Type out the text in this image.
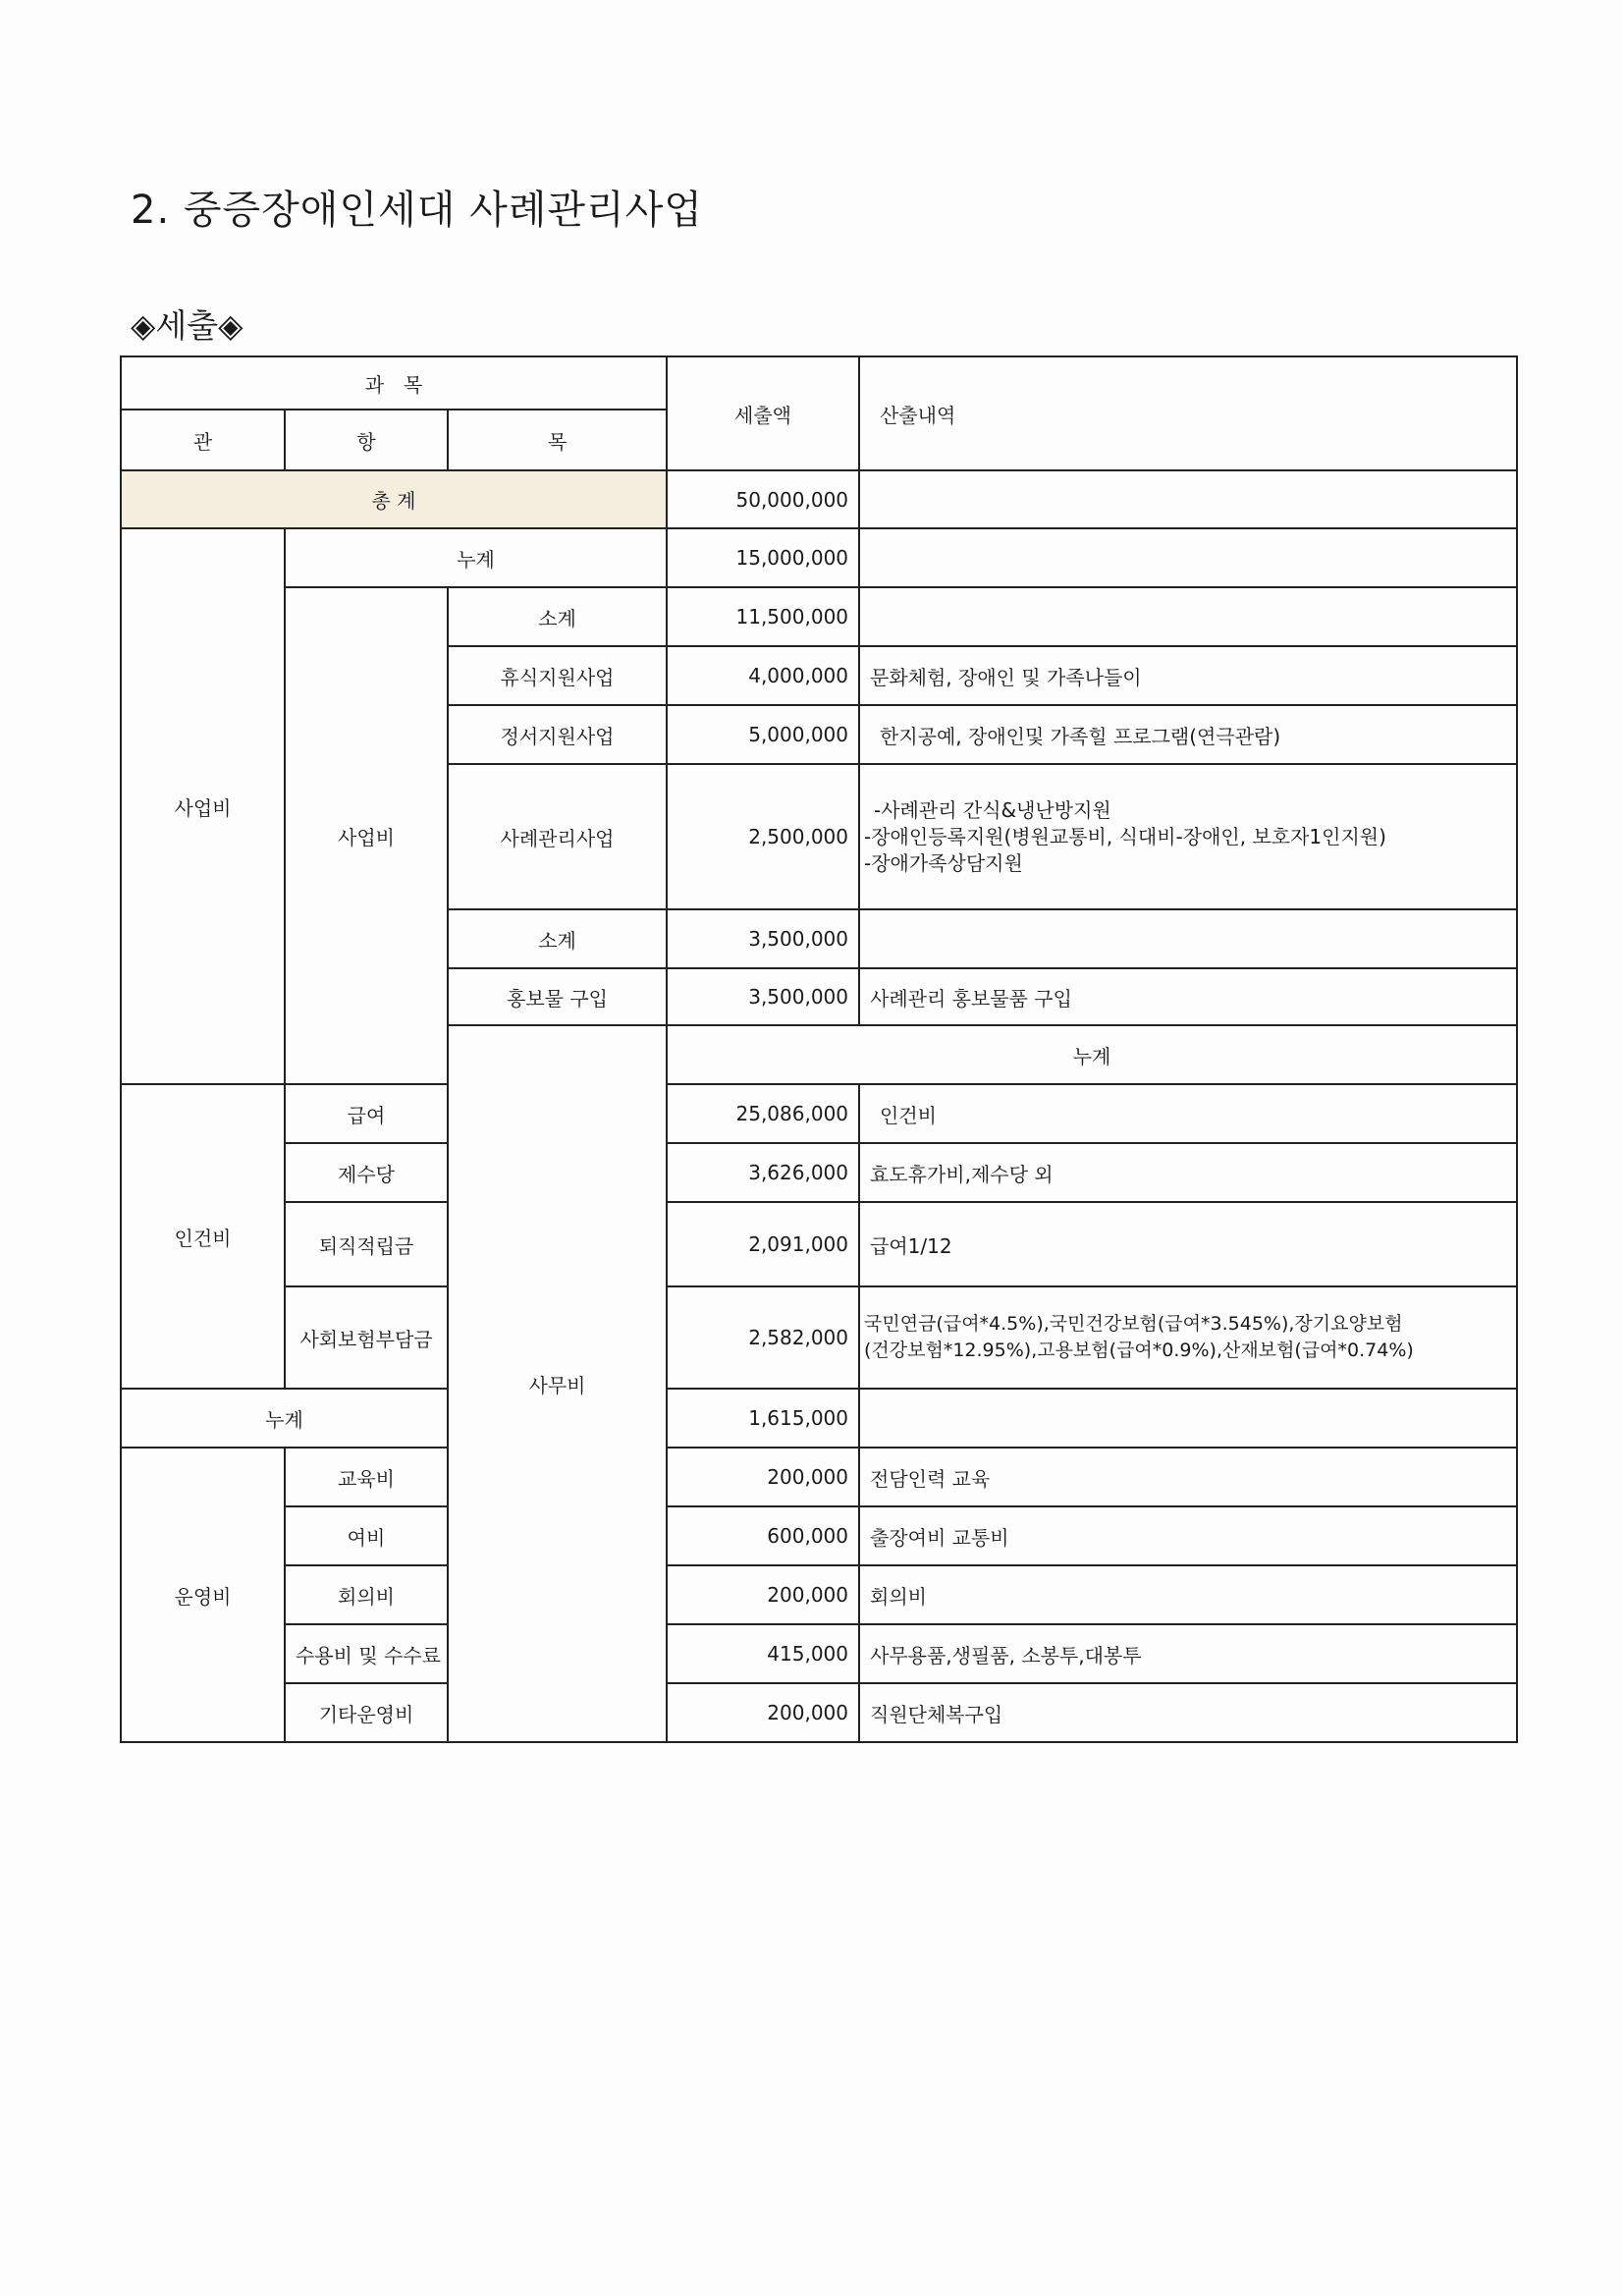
2. 중증장애인세대 사례관리사업
◈세출◈
과　목			세출액	산출내역	
관	항	목			
총 계			50,000,000		
사업비	누계		15,000,000		
	사업비	소계	11,500,000		
		휴식지원사업	4,000,000	문화체험, 장애인 및 가족나들이	
		정서지원사업	5,000,000	한지공예, 장애인및 가족힐 프로그램(연극관람)	
		사례관리사업	2,500,000	-사례관리 간식&냉난방지원
-장애인등록지원(병원교통비, 식대비-장애인, 보호자1인지원)
-장애가족상담지원	

		소계	3,500,000		
		홍보물 구입	3,500,000	사례관리 홍보물품 구입	
		사무비	누계		
인건비	급여		25,086,000	인건비	
	제수당		3,626,000	효도휴가비,제수당 외	
	퇴직적립금		2,091,000	급여1/12	
	사회보험부담금		2,582,000	국민연금(급여*4.5%),국민건강보험(급여*3.545%),장기요양보험
(건강보험*12.95%),고용보험(급여*0.9%),산재보험(급여*0.74%)	

누계			1,615,000		
운영비	교육비		200,000	전담인력 교육	
	여비		600,000	출장여비 교통비	
	회의비		200,000	회의비	
	수용비 및 수수료		415,000	사무용품,생필품, 소봉투,대봉투	
	기타운영비		200,000	직원단체복구입	
